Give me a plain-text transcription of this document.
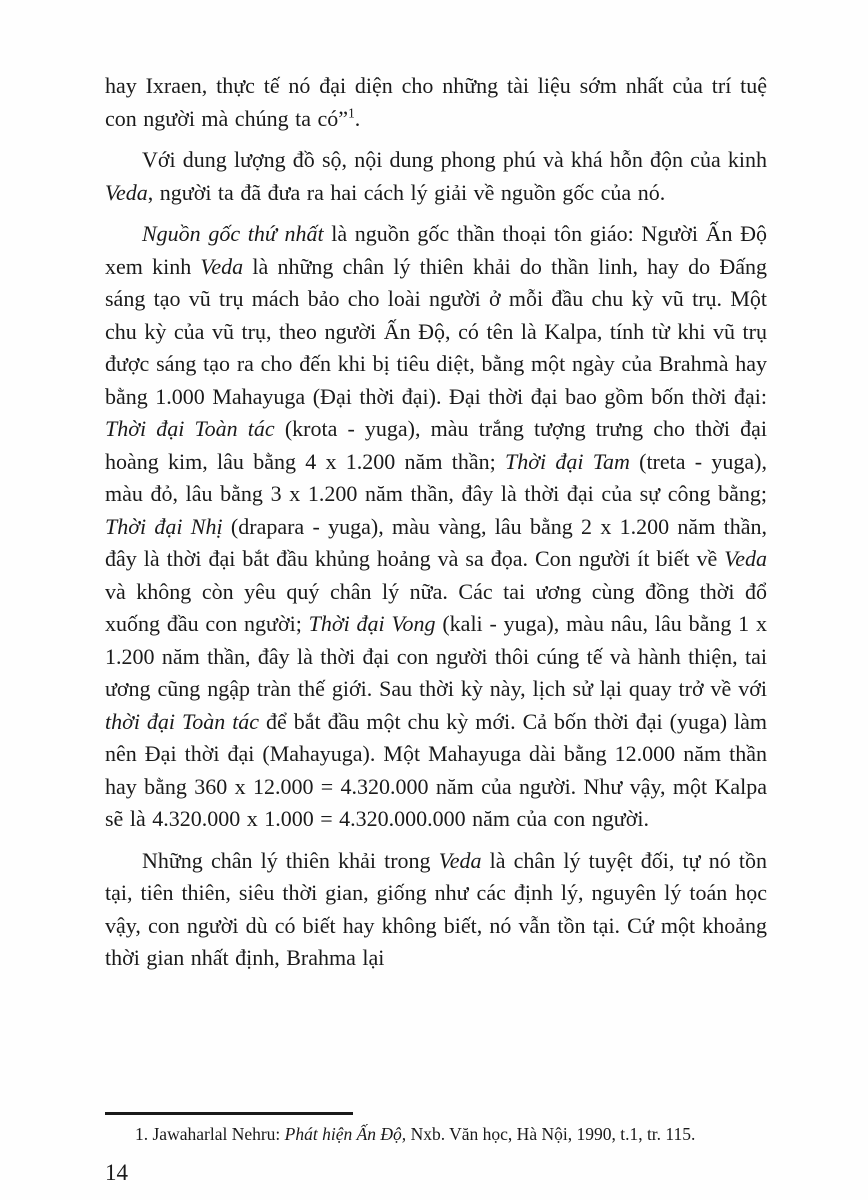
hay Ixraen, thực tế nó đại diện cho những tài liệu sớm nhất của trí tuệ con người mà chúng ta có”$^1$.

Với dung lượng đồ sộ, nội dung phong phú và khá hỗn độn của kinh Veda, người ta đã đưa ra hai cách lý giải về nguồn gốc của nó.

Nguồn gốc thứ nhất là nguồn gốc thần thoại tôn giáo: Người Ấn Độ xem kinh Veda là những chân lý thiên khải do thần linh, hay do Đấng sáng tạo vũ trụ mách bảo cho loài người ở mỗi đầu chu kỳ vũ trụ. Một chu kỳ của vũ trụ, theo người Ấn Độ, có tên là Kalpa, tính từ khi vũ trụ được sáng tạo ra cho đến khi bị tiêu diệt, bằng một ngày của Brahmà hay bằng 1.000 Mahayuga (Đại thời đại). Đại thời đại bao gồm bốn thời đại: Thời đại Toàn tác (krota - yuga), màu trắng tượng trưng cho thời đại hoàng kim, lâu bằng 4 x 1.200 năm thần; Thời đại Tam (treta - yuga), màu đỏ, lâu bằng 3 x 1.200 năm thần, đây là thời đại của sự công bằng; Thời đại Nhị (drapara - yuga), màu vàng, lâu bằng 2 x 1.200 năm thần, đây là thời đại bắt đầu khủng hoảng và sa đọa. Con người ít biết về Veda và không còn yêu quý chân lý nữa. Các tai ương cùng đồng thời đổ xuống đầu con người; Thời đại Vong (kali - yuga), màu nâu, lâu bằng 1 x 1.200 năm thần, đây là thời đại con người thôi cúng tế và hành thiện, tai ương cũng ngập tràn thế giới. Sau thời kỳ này, lịch sử lại quay trở về với thời đại Toàn tác để bắt đầu một chu kỳ mới. Cả bốn thời đại (yuga) làm nên Đại thời đại (Mahayuga). Một Mahayuga dài bằng 12.000 năm thần hay bằng 360 x 12.000 = 4.320.000 năm của người. Như vậy, một Kalpa sẽ là 4.320.000 x 1.000 = 4.320.000.000 năm của con người.

Những chân lý thiên khải trong Veda là chân lý tuyệt đối, tự nó tồn tại, tiên thiên, siêu thời gian, giống như các định lý, nguyên lý toán học vậy, con người dù có biết hay không biết, nó vẫn tồn tại. Cứ một khoảng thời gian nhất định, Brahma lại

1. Jawaharlal Nehru: Phát hiện Ấn Độ, Nxb. Văn học, Hà Nội, 1990, t.1, tr. 115.
14
